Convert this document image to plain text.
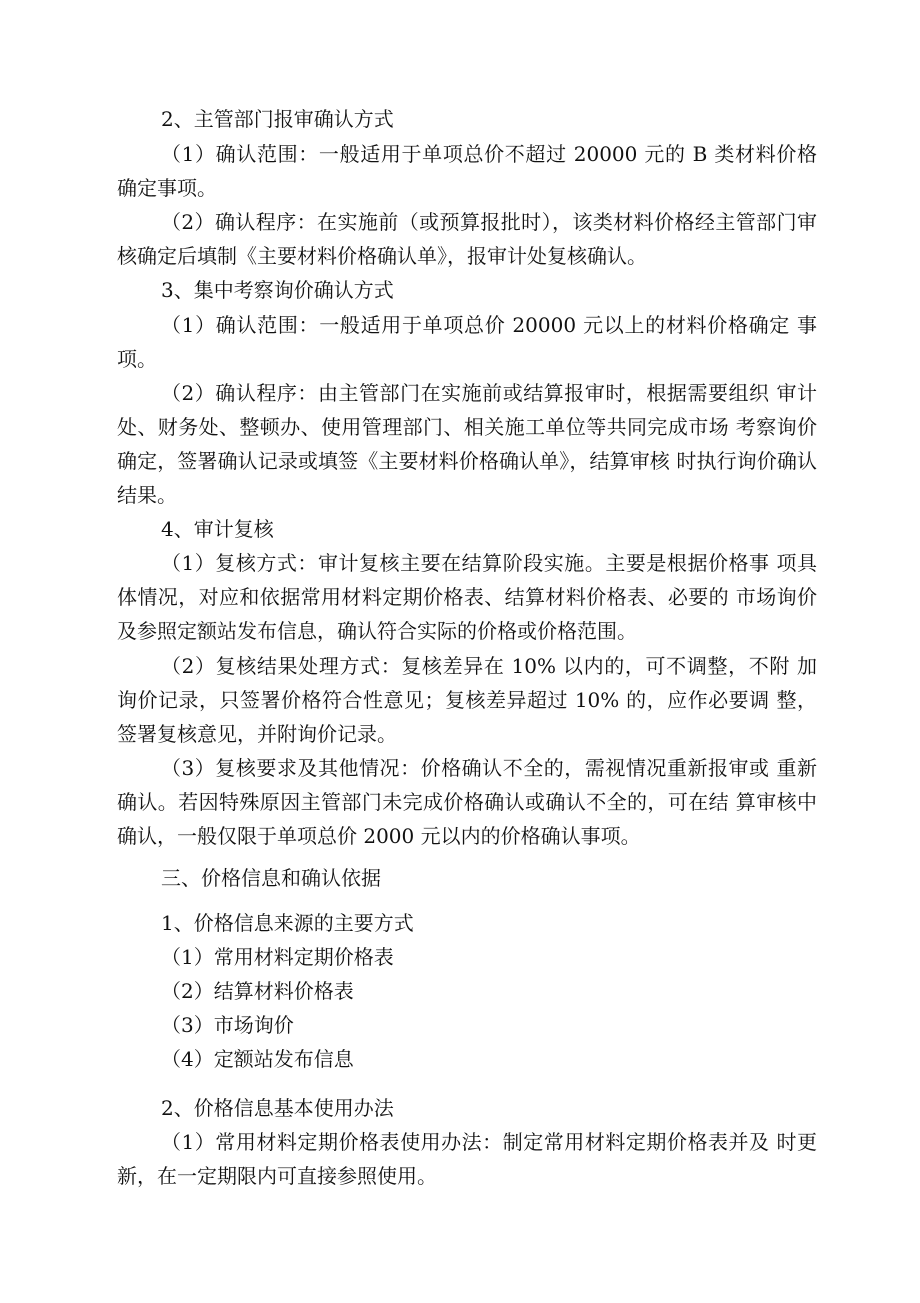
2、主管部门报审确认方式

（1）确认范围：一般适用于单项总价不超过 20000 元的 B 类材料价格确定事项。

（2）确认程序：在实施前（或预算报批时），该类材料价格经主管部门审核确定后填制《主要材料价格确认单》，报审计处复核确认。

3、集中考察询价确认方式

（1）确认范围：一般适用于单项总价 20000 元以上的材料价格确定 事项。

（2）确认程序：由主管部门在实施前或结算报审时，根据需要组织 审计处、财务处、整顿办、使用管理部门、相关施工单位等共同完成市场 考察询价确定，签署确认记录或填签《主要材料价格确认单》，结算审核 时执行询价确认结果。

4、审计复核

（1）复核方式：审计复核主要在结算阶段实施。主要是根据价格事 项具体情况，对应和依据常用材料定期价格表、结算材料价格表、必要的 市场询价及参照定额站发布信息，确认符合实际的价格或价格范围。

（2）复核结果处理方式：复核差异在 10% 以内的，可不调整，不附 加询价记录，只签署价格符合性意见；复核差异超过 10% 的，应作必要调 整，签署复核意见，并附询价记录。

（3）复核要求及其他情况：价格确认不全的，需视情况重新报审或 重新确认。若因特殊原因主管部门未完成价格确认或确认不全的，可在结 算审核中确认，一般仅限于单项总价 2000 元以内的价格确认事项。

三、价格信息和确认依据

1、价格信息来源的主要方式

（1）常用材料定期价格表

（2）结算材料价格表

（3）市场询价

（4）定额站发布信息

2、价格信息基本使用办法

（1）常用材料定期价格表使用办法：制定常用材料定期价格表并及 时更新，在一定期限内可直接参照使用。
